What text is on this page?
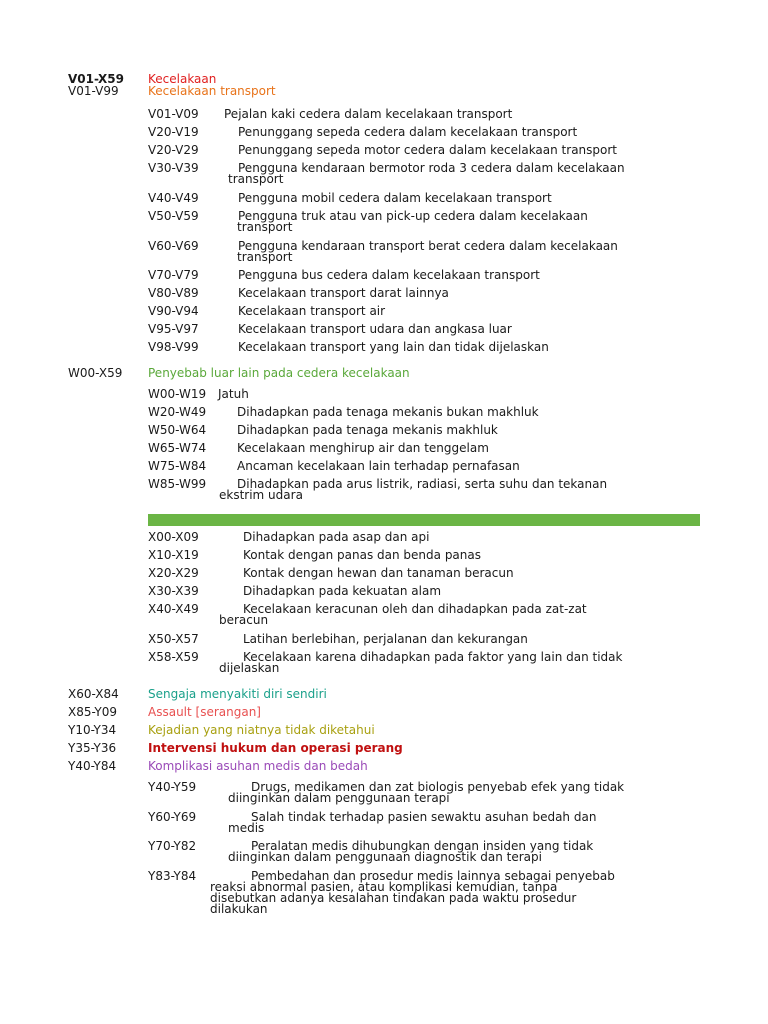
V01-X59 Kecelakaan
V01-V99 Kecelakaan transport
V01-V09 Pejalan kaki cedera dalam kecelakaan transport
V20-V19	Penunggang sepeda cedera dalam kecelakaan transport
V20-V29	Penunggang sepeda motor cedera dalam kecelakaan transport
V30-V39	Pengguna kendaraan bermotor roda 3 cedera dalam kecelakaan
transport
V40-V49	Pengguna mobil cedera dalam kecelakaan transport
V50-V59	Pengguna truk atau van pick-up cedera dalam kecelakaan
transport
V60-V69	Pengguna kendaraan transport berat cedera dalam kecelakaan
transport
V70-V79	Pengguna bus cedera dalam kecelakaan transport
V80-V89	Kecelakaan transport darat lainnya
V90-V94	Kecelakaan transport air
V95-V97	Kecelakaan transport udara dan angkasa luar
V98-V99	Kecelakaan transport yang lain dan tidak dijelaskan
W00-X59 Penyebab luar lain pada cedera kecelakaan
W00-W19 Jatuh
W20-W49	Dihadapkan pada tenaga mekanis bukan makhluk
W50-W64	Dihadapkan pada tenaga mekanis makhluk
W65-W74	Kecelakaan menghirup air dan tenggelam
W75-W84	Ancaman kecelakaan lain terhadap pernafasan
W85-W99	Dihadapkan pada arus listrik, radiasi, serta suhu dan tekanan
ekstrim udara
X00-X09	Dihadapkan pada asap dan api
X10-X19	Kontak dengan panas dan benda panas
X20-X29	Kontak dengan hewan dan tanaman beracun
X30-X39	Dihadapkan pada kekuatan alam
X40-X49	Kecelakaan keracunan oleh dan dihadapkan pada zat-zat
beracun
X50-X57	Latihan berlebihan, perjalanan dan kekurangan
X58-X59	Kecelakaan karena dihadapkan pada faktor yang lain dan tidak
dijelaskan
X60-X84 Sengaja menyakiti diri sendiri
X85-Y09	Assault [serangan]
Y10-Y34	Kejadian yang niatnya tidak diketahui
Y35-Y36	Intervensi hukum dan operasi perang
Y40-Y84	Komplikasi asuhan medis dan bedah
Y40-Y59	Drugs, medikamen dan zat biologis penyebab efek yang tidak
diinginkan dalam penggunaan terapi
Y60-Y69	Salah tindak terhadap pasien sewaktu asuhan bedah dan
medis
Y70-Y82	Peralatan medis dihubungkan dengan insiden yang tidak
diinginkan dalam penggunaan diagnostik dan terapi
Y83-Y84	Pembedahan dan prosedur medis lainnya sebagai penyebab
reaksi abnormal pasien, atau komplikasi kemudian, tanpa
disebutkan adanya kesalahan tindakan pada waktu prosedur
dilakukan
